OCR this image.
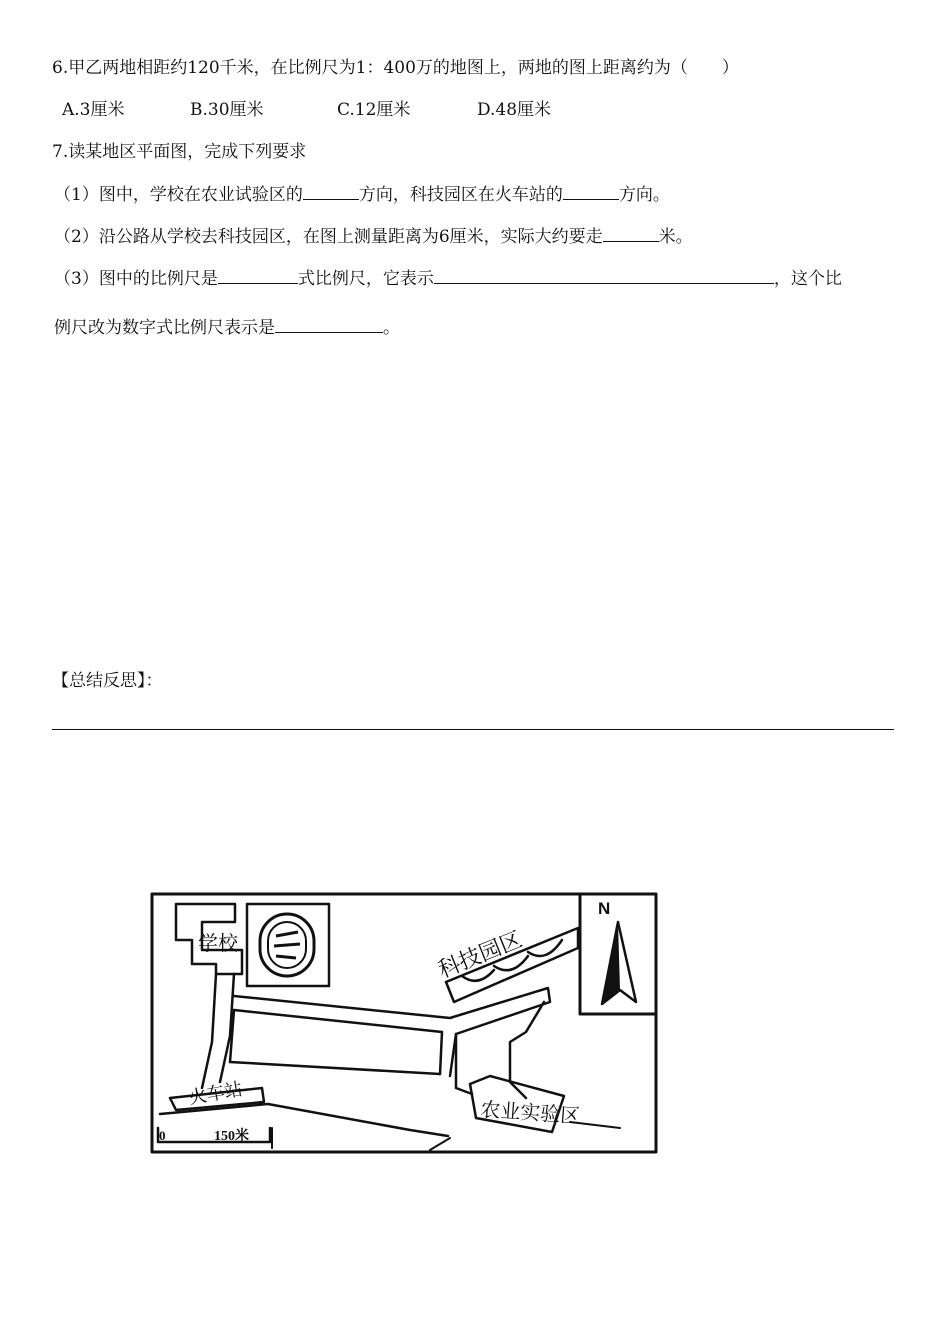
6.甲乙两地相距约120千米，在比例尺为1：400万的地图上，两地的图上距离约为（　　）
A.3厘米	B.30厘米	C.12厘米	D.48厘米
7.读某地区平面图，完成下列要求
（1）图中，学校在农业试验区的	方向，科技园区在火车站的	方向。
（2）沿公路从学校去科技园区，在图上测量距离为6厘米，实际大约要走	米。
（3）图中的比例尺是	式比例尺，它表示	，这个比
例尺改为数字式比例尺表示是	。
【总结反思】：
N
学校	科技园区
火车站
农业实验区
0	150米
